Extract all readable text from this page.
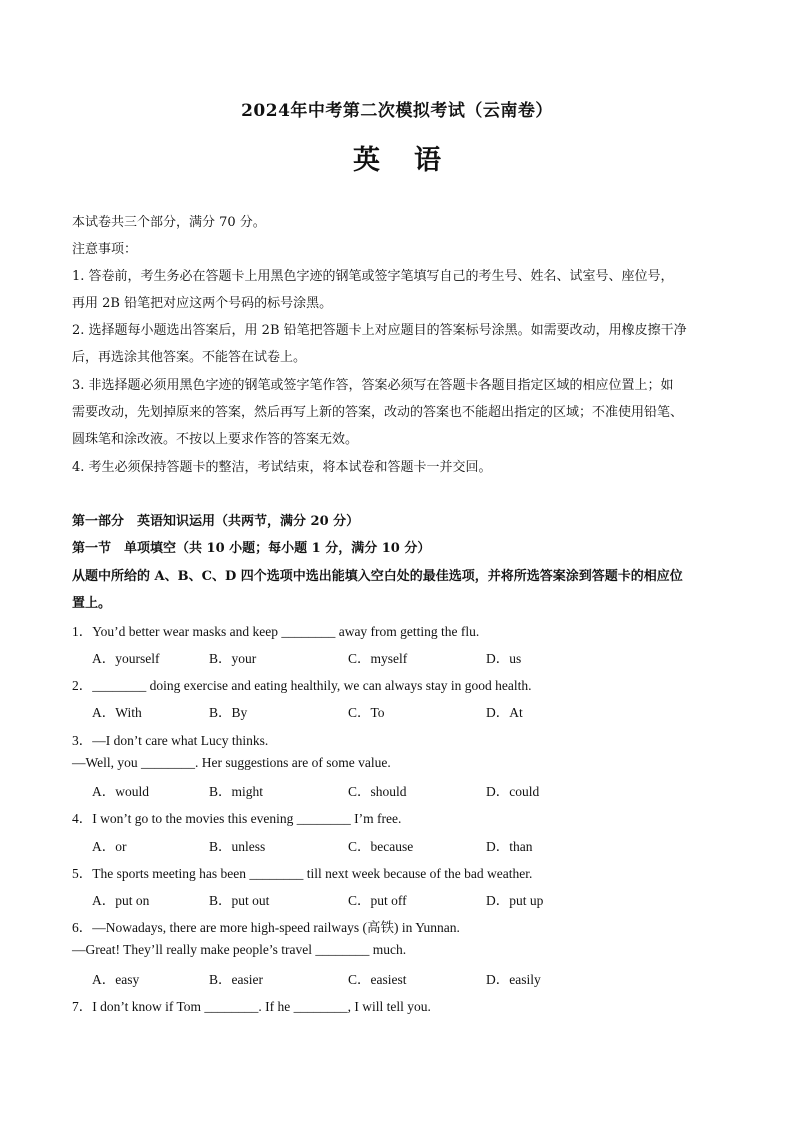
2024年中考第二次模拟考试（云南卷）
英语
本试卷共三个部分，满分 70 分。
注意事项：
1. 答卷前，考生务必在答题卡上用黑色字迹的钢笔或签字笔填写自己的考生号、姓名、试室号、座位号，
再用 2B 铅笔把对应这两个号码的标号涂黑。
2. 选择题每小题选出答案后，用 2B 铅笔把答题卡上对应题目的答案标号涂黑。如需要改动，用橡皮擦干净
后，再选涂其他答案。不能答在试卷上。
3. 非选择题必须用黑色字迹的钢笔或签字笔作答，答案必须写在答题卡各题目指定区域的相应位置上；如
需要改动，先划掉原来的答案，然后再写上新的答案，改动的答案也不能超出指定的区域；不准使用铅笔、
圆珠笔和涂改液。不按以上要求作答的答案无效。
4. 考生必须保持答题卡的整洁，考试结束，将本试卷和答题卡一并交回。
第一部分　英语知识运用（共两节，满分 20 分）
第一节　单项填空（共 10 小题；每小题 1 分，满分 10 分）
从题中所给的 A、B、C、D 四个选项中选出能填入空白处的最佳选项，并将所选答案涂到答题卡的相应位
置上。
1．You’d better wear masks and keep ________ away from getting the flu.
A．yourself	B．your	C．myself	D．us
2．________ doing exercise and eating healthily, we can always stay in good health.
A．With	B．By	C．To	D．At
3．—I don’t care what Lucy thinks.
—Well, you ________. Her suggestions are of some value.
A．would	B．might	C．should	D．could
4．I won’t go to the movies this evening ________ I’m free.
A．or	B．unless	C．because	D．than
5．The sports meeting has been ________ till next week because of the bad weather.
A．put on	B．put out	C．put off	D．put up
6．—Nowadays, there are more high-speed railways (高铁) in Yunnan.
—Great! They’ll really make people’s travel ________ much.
A．easy	B．easier	C．easiest	D．easily
7．I don’t know if Tom ________. If he ________, I will tell you.
